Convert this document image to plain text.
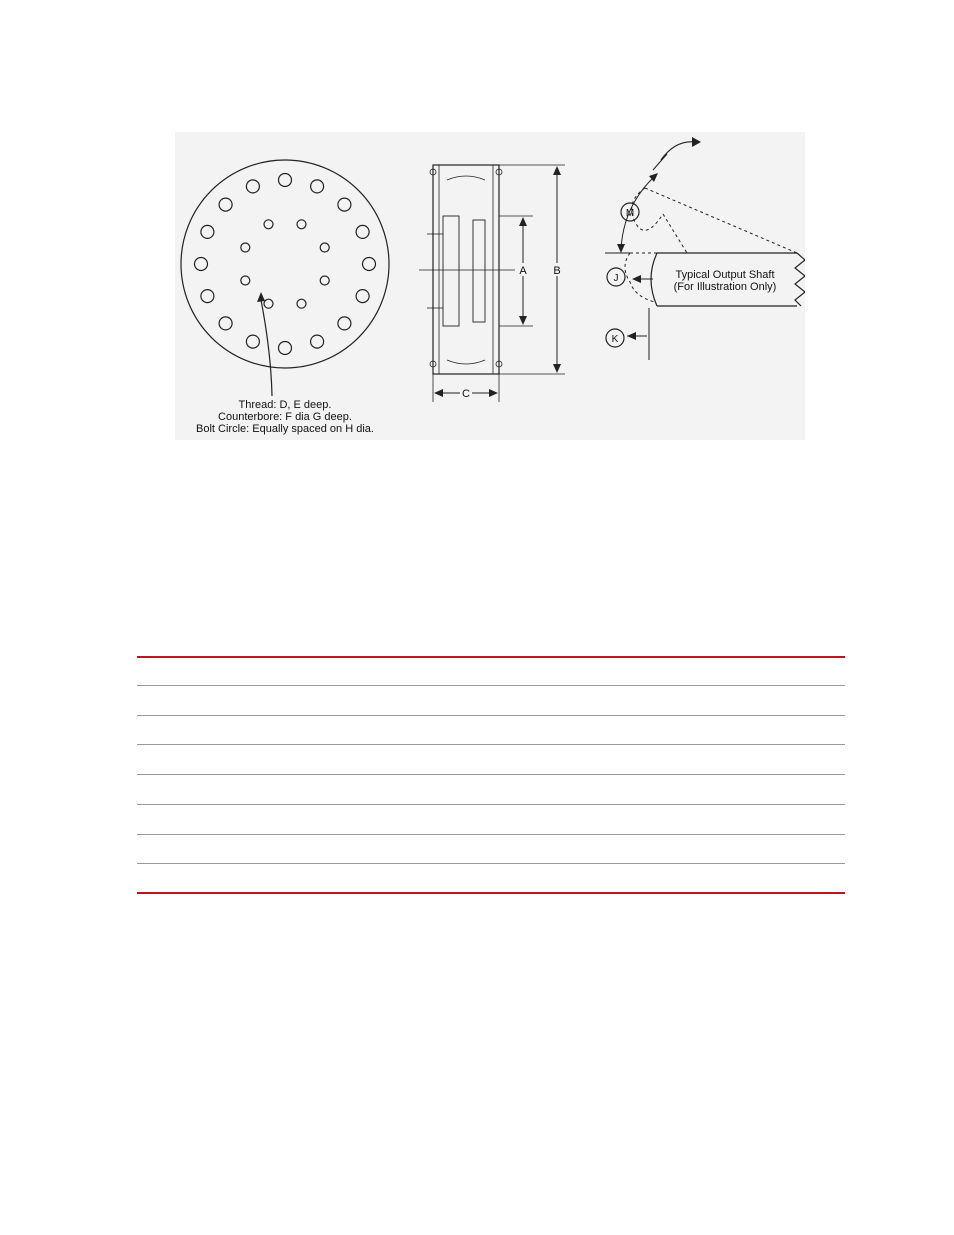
Thread: D, E deep.
Counterbore: F dia G deep.
Bolt Circle: Equally spaced on H dia.
A B
C
M
J
K
Typical Output Shaft
(For Illustration Only)
